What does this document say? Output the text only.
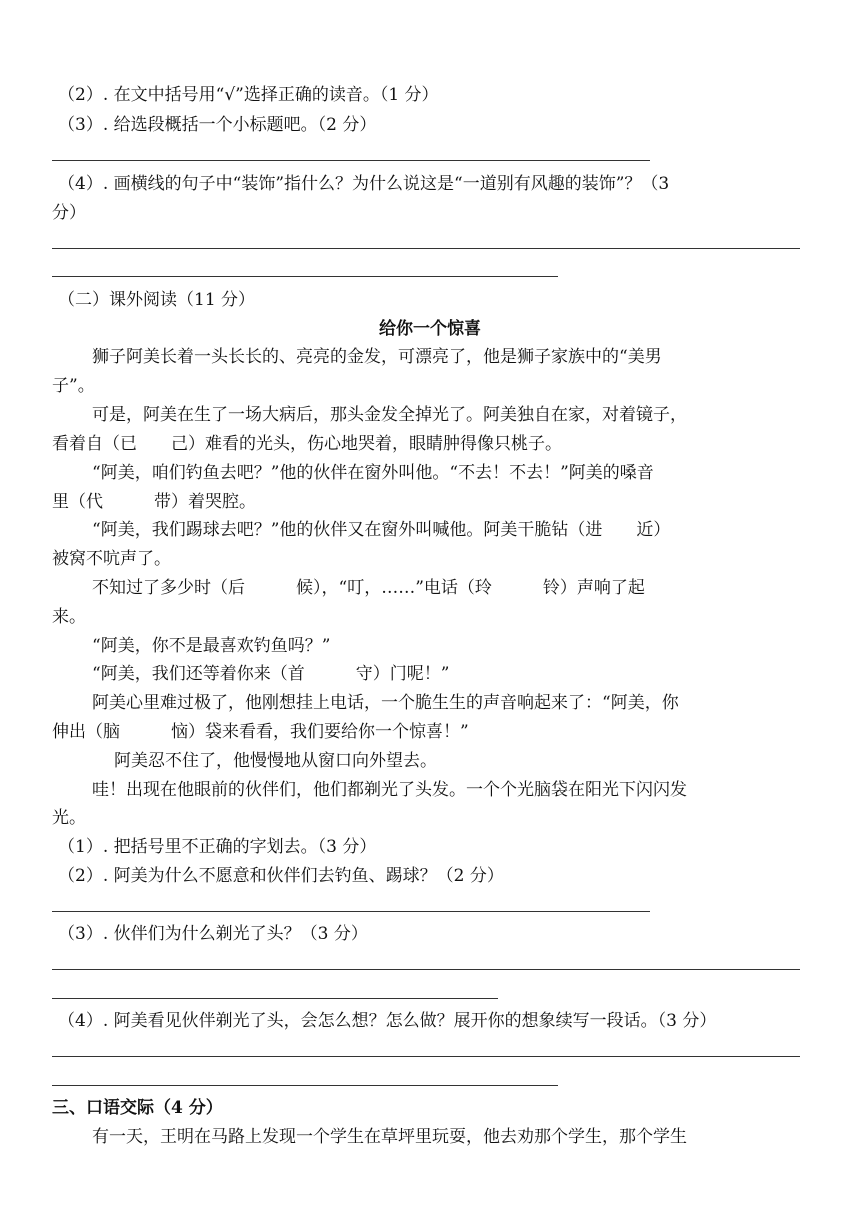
（2）. 在文中括号用“√”选择正确的读音。（1 分）
（3）. 给选段概括一个小标题吧。（2 分）
（4）. 画横线的句子中“装饰”指什么？为什么说这是“一道别有风趣的装饰”？（3
分）
（二）课外阅读（11 分）
给你一个惊喜
狮子阿美长着一头长长的、亮亮的金发，可漂亮了，他是狮子家族中的“美男
子”。
可是，阿美在生了一场大病后，那头金发全掉光了。阿美独自在家，对着镜子，
看着自（已　　己）难看的光头，伤心地哭着，眼睛肿得像只桃子。
“阿美，咱们钓鱼去吧？”他的伙伴在窗外叫他。“不去！不去！”阿美的嗓音
里（代　　　带）着哭腔。
“阿美，我们踢球去吧？”他的伙伴又在窗外叫喊他。阿美干脆钻（进　　近）
被窝不吭声了。
不知过了多少时（后　　　候），“叮，……”电话（玲　　　铃）声响了起
来。
“阿美，你不是最喜欢钓鱼吗？”
“阿美，我们还等着你来（首　　　守）门呢！”
阿美心里难过极了，他刚想挂上电话，一个脆生生的声音响起来了：“阿美，你
伸出（脑　　　恼）袋来看看，我们要给你一个惊喜！”
阿美忍不住了，他慢慢地从窗口向外望去。
哇！出现在他眼前的伙伴们，他们都剃光了头发。一个个光脑袋在阳光下闪闪发
光。
（1）. 把括号里不正确的字划去。（3 分）
（2）. 阿美为什么不愿意和伙伴们去钓鱼、踢球？（2 分）
（3）. 伙伴们为什么剃光了头？（3 分）
（4）. 阿美看见伙伴剃光了头，会怎么想？怎么做？展开你的想象续写一段话。（3 分）
三、口语交际（4 分）
有一天，王明在马路上发现一个学生在草坪里玩耍，他去劝那个学生，那个学生
